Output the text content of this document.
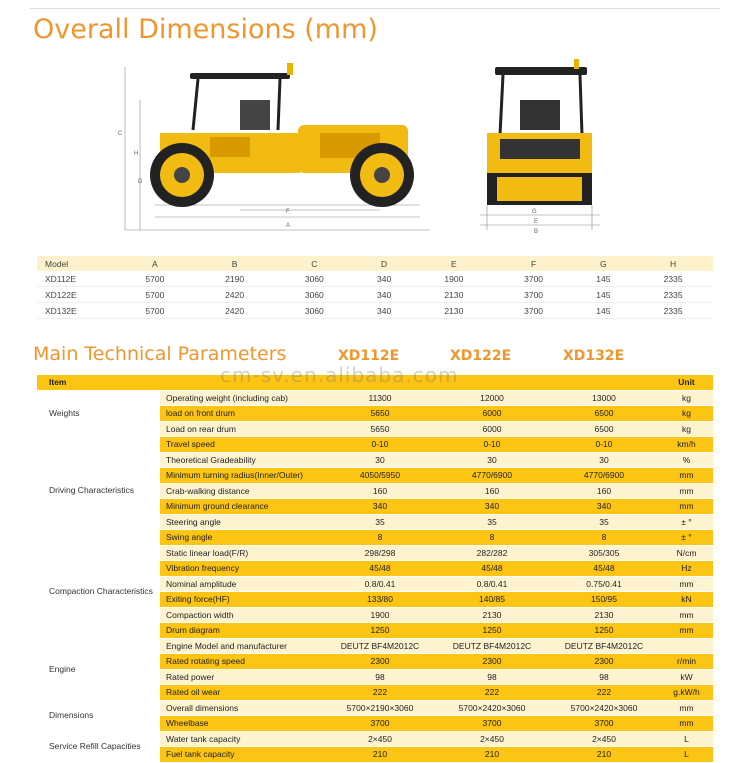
Overall Dimensions (mm)
C
H
D
F
A
G
E
B
Model	A	B	C	D	E	F	G	H
XD112E	5700	2190	3060	340	1900	3700	145	2335
XD122E	5700	2420	3060	340	2130	3700	145	2335
XD132E	5700	2420	3060	340	2130	3700	145	2335
Main Technical Parameters	XD112E	XD122E	XD132E
cm-sv.en.alibaba.com
Item					Unit
Weights	Operating weight (including cab)	11300	12000	13000	kg
	load on front drum	5650	6000	6500	kg
	Load on rear drum	5650	6000	6500	kg
Driving Characteristics	Travel speed	0-10	0-10	0-10	km/h
	Theoretical Gradeability	30	30	30	%
	Minimum turning radius(Inner/Outer)	4050/5950	4770/6900	4770/6900	mm
	Crab-walking distance	160	160	160	mm
	Minimum ground clearance	340	340	340	mm
	Steering angle	35	35	35	± °
	Swing angle	8	8	8	± °
Compaction Characteristics	Static linear load(F/R)	298/298	282/282	305/305	N/cm
	Vibration frequency	45/48	45/48	45/48	Hz
	Nominal amplitude	0.8/0.41	0.8/0.41	0.75/0.41	mm
	Exiting force(HF)	133/80	140/85	150/95	kN
	Compaction width	1900	2130	2130	mm
	Drum diagram	1250	1250	1250	mm
Engine	Engine Model and manufacturer	DEUTZ BF4M2012C	DEUTZ BF4M2012C	DEUTZ BF4M2012C	
	Rated rotating speed	2300	2300	2300	r/min
	Rated power	98	98	98	kW
	Rated oil wear	222	222	222	g.kW/h
Dimensions	Overall dimensions	5700×2190×3060	5700×2420×3060	5700×2420×3060	mm
	Wheelbase	3700	3700	3700	mm
Service Refill Capacities	Water tank capacity	2×450	2×450	2×450	L
	Fuel tank capacity	210	210	210	L
